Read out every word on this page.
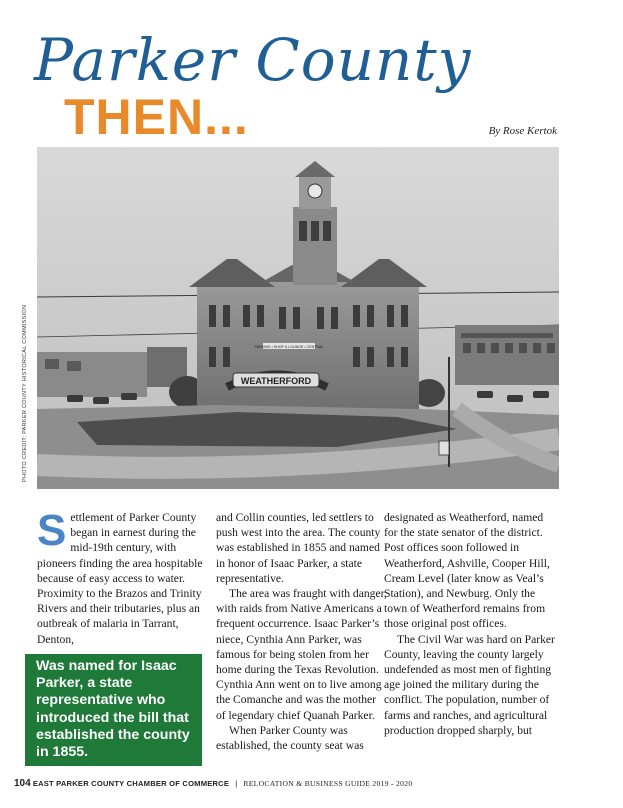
Parker County
THEN...	By Rose Kertok
WEATHERFORD
PARKING • SHOP & LOUNGE • CENTRAL
PHOTO CREDIT: PARKER COUNTY HISTORICAL COMMISSION

Settlement of Parker County began in earnest during the mid-19th century, with pioneers finding the area hospitable because of easy access to water. Proximity to the Brazos and Trinity Rivers and their tributaries, plus an outbreak of malaria in Tarrant, Denton,

and Collin counties, led settlers to push west into the area. The county was established in 1855 and named in honor of Isaac Parker, a state representative.

The area was fraught with danger, with raids from Native Americans a frequent occurrence. Isaac Parker’s niece, Cynthia Ann Parker, was famous for being stolen from her home during the Texas Revolution. Cynthia Ann went on to live among the Comanche and was the mother of legendary chief Quanah Parker.

When Parker County was established, the county seat was

designated as Weatherford, named for the state senator of the district. Post offices soon followed in Weatherford, Ashville, Cooper Hill, Cream Level (later know as Veal’s Station), and Newburg. Only the town of Weatherford remains from those original post offices.

The Civil War was hard on Parker County, leaving the county largely undefended as most men of fighting age joined the military during the conflict. The population, number of farms and ranches, and agricultural production dropped sharply, but

Was named for Isaac Parker, a state representative who introduced the bill that established the county in 1855.
104 EAST PARKER COUNTY CHAMBER OF COMMERCE | RELOCATION & BUSINESS GUIDE 2019 - 2020
